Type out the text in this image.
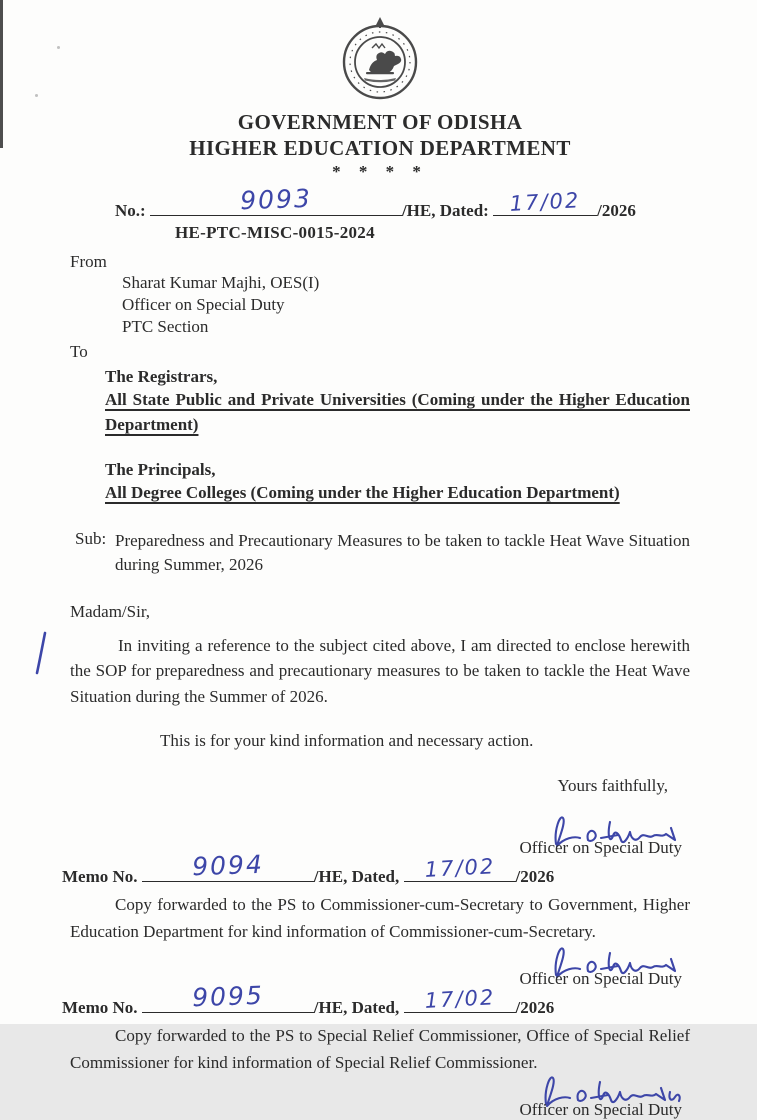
GOVERNMENT OF ODISHA
HIGHER EDUCATION DEPARTMENT
* * * *
No.:	9093	/HE, Dated: 17/02 /2026
HE-PTC-MISC-0015-2024
From
Sharat Kumar Majhi, OES(I)
Officer on Special Duty
PTC Section
To
The Registrars,
All State Public and Private Universities (Coming under the Higher Education Department)
The Principals,
All Degree Colleges (Coming under the Higher Education Department)
Sub: Preparedness and Precautionary Measures to be taken to tackle Heat Wave Situation during Summer, 2026
Madam/Sir,
In inviting a reference to the subject cited above, I am directed to enclose herewith the SOP for preparedness and precautionary measures to be taken to tackle the Heat Wave Situation during the Summer of 2026.
This is for your kind information and necessary action.
Yours faithfully,
Officer on Special Duty
Memo No.	9094	/HE, Dated,	17/02	/2026
Copy forwarded to the PS to Commissioner-cum-Secretary to Government, Higher Education Department for kind information of Commissioner-cum-Secretary.
Officer on Special Duty
Memo No.	9095	/HE, Dated,	17/02	/2026
Copy forwarded to the PS to Special Relief Commissioner, Office of Special Relief Commissioner for kind information of Special Relief Commissioner.
Officer on Special Duty
